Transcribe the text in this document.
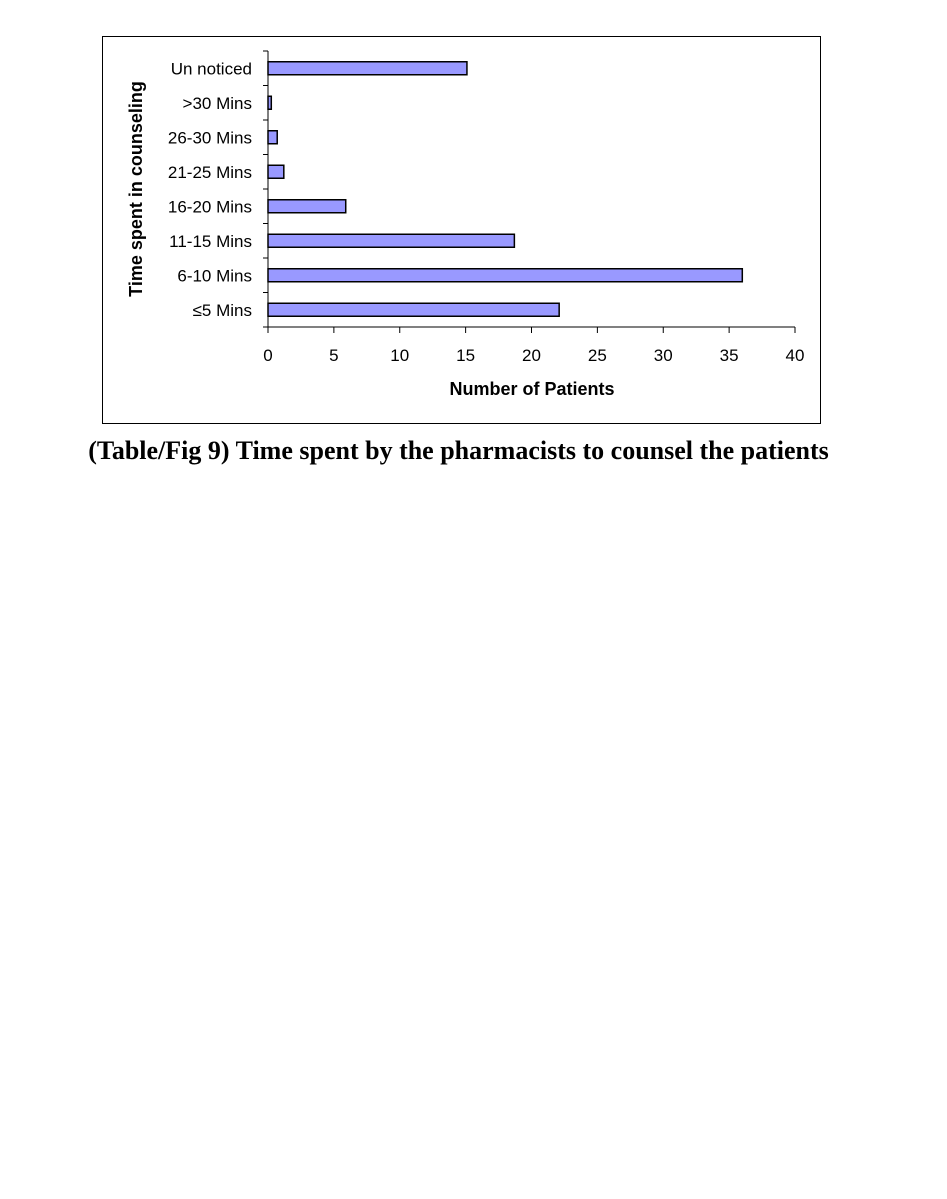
≤5 Mins
6-10 Mins
11-15 Mins
16-20 Mins
21-25 Mins
26-30 Mins
>30 Mins
Un noticed
0	5	10	15	20	25	30	35	40
Number of Patients
Time spent in counseling
(Table/Fig 9) Time spent by the pharmacists to counsel the patients
